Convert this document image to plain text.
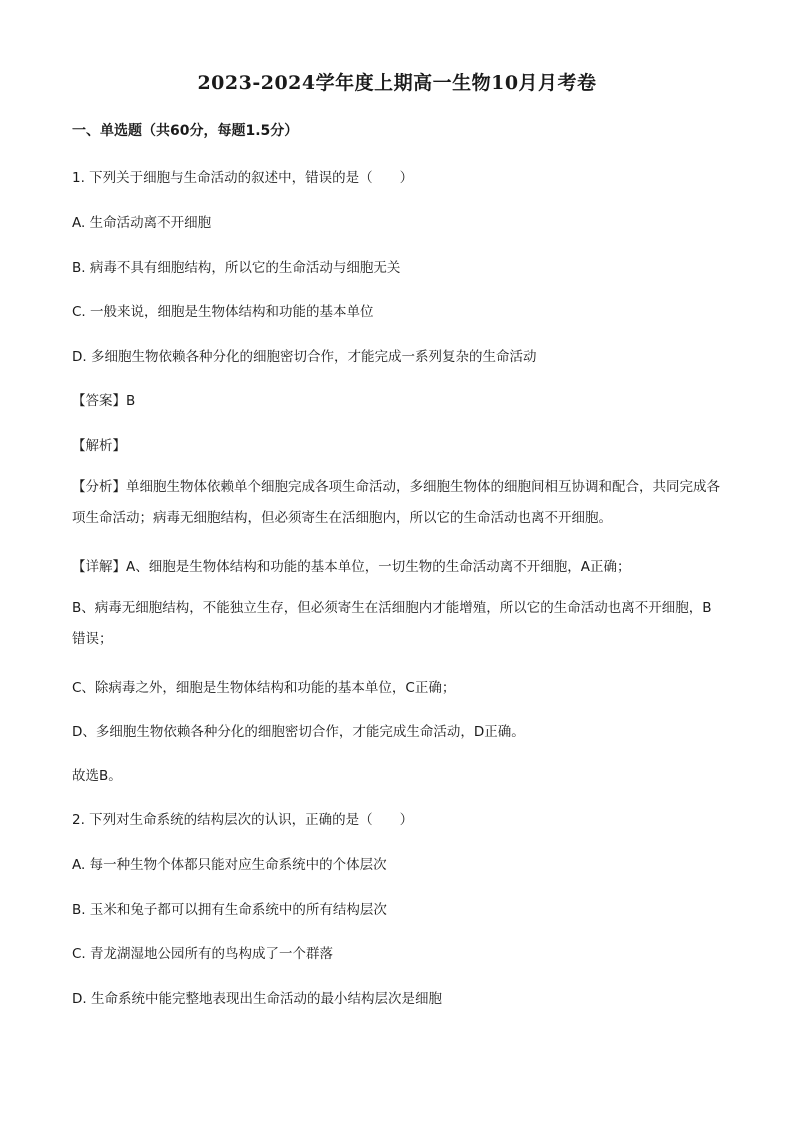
2023-2024学年度上期高一生物10月月考卷
一、单选题（共60分，每题1.5分）
1. 下列关于细胞与生命活动的叙述中，错误的是（　　）
A. 生命活动离不开细胞
B. 病毒不具有细胞结构，所以它的生命活动与细胞无关
C. 一般来说，细胞是生物体结构和功能的基本单位
D. 多细胞生物依赖各种分化的细胞密切合作，才能完成一系列复杂的生命活动
【答案】B
【解析】
【分析】单细胞生物体依赖单个细胞完成各项生命活动，多细胞生物体的细胞间相互协调和配合，共同完成各项生命活动；病毒无细胞结构，但必须寄生在活细胞内，所以它的生命活动也离不开细胞。
【详解】A、细胞是生物体结构和功能的基本单位，一切生物的生命活动离不开细胞，A正确；
B、病毒无细胞结构，不能独立生存，但必须寄生在活细胞内才能增殖，所以它的生命活动也离不开细胞，B错误；
C、除病毒之外，细胞是生物体结构和功能的基本单位，C正确；
D、多细胞生物依赖各种分化的细胞密切合作，才能完成生命活动，D正确。
故选B。
2. 下列对生命系统的结构层次的认识，正确的是（　　）
A. 每一种生物个体都只能对应生命系统中的个体层次
B. 玉米和兔子都可以拥有生命系统中的所有结构层次
C. 青龙湖湿地公园所有的鸟构成了一个群落
D. 生命系统中能完整地表现出生命活动的最小结构层次是细胞
